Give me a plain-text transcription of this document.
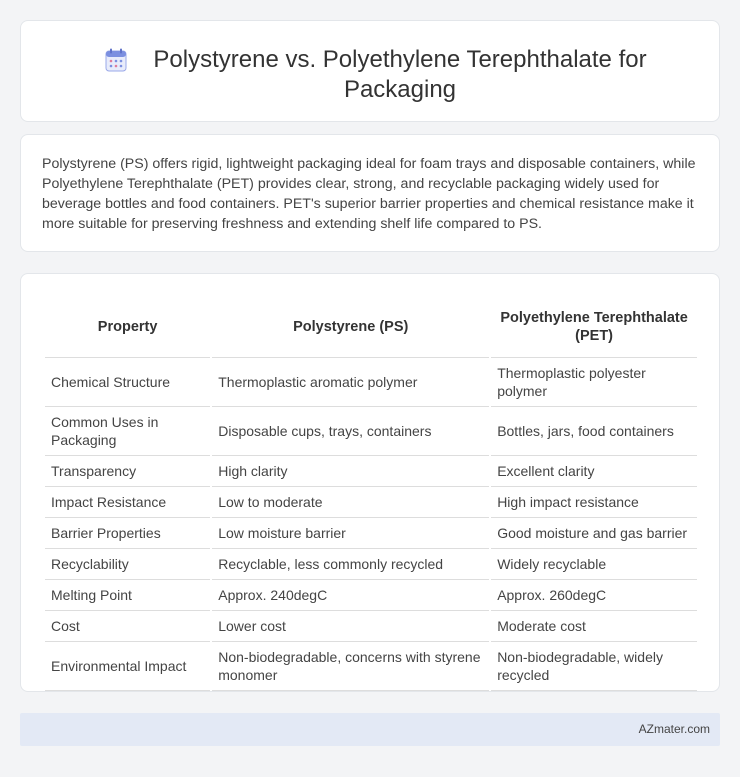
Polystyrene vs. Polyethylene Terephthalate for Packaging

Polystyrene (PS) offers rigid, lightweight packaging ideal for foam trays and disposable containers, while Polyethylene Terephthalate (PET) provides clear, strong, and recyclable packaging widely used for beverage bottles and food containers. PET's superior barrier properties and chemical resistance make it more suitable for preserving freshness and extending shelf life compared to PS.

Property	Polystyrene (PS)	Polyethylene Terephthalate (PET)
Chemical Structure	Thermoplastic aromatic polymer	Thermoplastic polyester polymer
Common Uses in Packaging	Disposable cups, trays, containers	Bottles, jars, food containers
Transparency	High clarity	Excellent clarity
Impact Resistance	Low to moderate	High impact resistance
Barrier Properties	Low moisture barrier	Good moisture and gas barrier
Recyclability	Recyclable, less commonly recycled	Widely recyclable
Melting Point	Approx. 240degC	Approx. 260degC
Cost	Lower cost	Moderate cost
Environmental Impact	Non-biodegradable, concerns with styrene monomer	Non-biodegradable, widely recycled
AZmater.com
